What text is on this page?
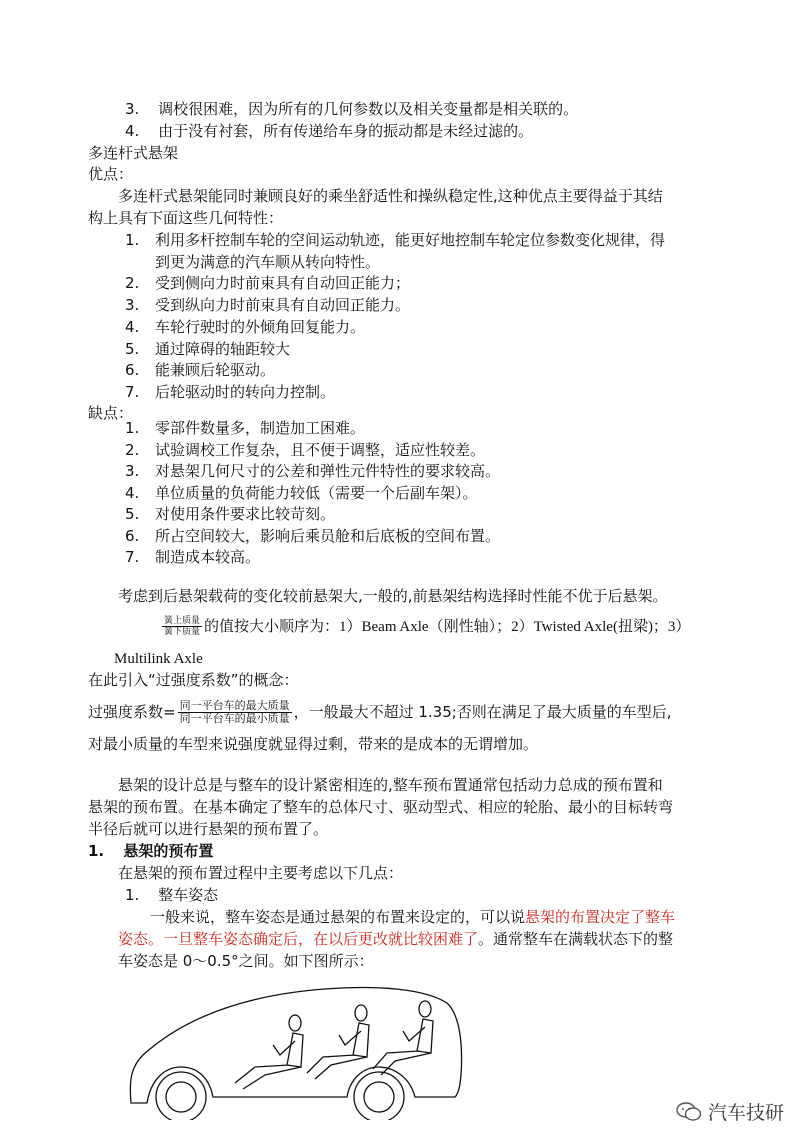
3. 调校很困难，因为所有的几何参数以及相关变量都是相关联的。
4. 由于没有衬套，所有传递给车身的振动都是未经过滤的。
多连杆式悬架
优点：
多连杆式悬架能同时兼顾良好的乘坐舒适性和操纵稳定性,这种优点主要得益于其结
构上具有下面这些几何特性：
1. 利用多杆控制车轮的空间运动轨迹，能更好地控制车轮定位参数变化规律，得
到更为满意的汽车顺从转向特性。
2. 受到侧向力时前束具有自动回正能力；
3. 受到纵向力时前束具有自动回正能力。
4. 车轮行驶时的外倾角回复能力。
5. 通过障碍的轴距较大
6. 能兼顾后轮驱动。
7. 后轮驱动时的转向力控制。
缺点：
1. 零部件数量多，制造加工困难。
2. 试验调校工作复杂，且不便于调整，适应性较差。
3. 对悬架几何尺寸的公差和弹性元件特性的要求较高。
4. 单位质量的负荷能力较低（需要一个后副车架）。
5. 对使用条件要求比较苛刻。
6. 所占空间较大，影响后乘员舱和后底板的空间布置。
7. 制造成本较高。
考虑到后悬架载荷的变化较前悬架大,一般的,前悬架结构选择时性能不优于后悬架。
$\frac{\text{簧上质量}}{\text{簧下质量}}$ 的值按大小顺序为：1）Beam Axle（刚性轴）；2）Twisted Axle(扭梁)；3）
Multilink Axle
在此引入“过强度系数”的概念：
过强度系数= $\frac{\text{同一平台车的最大质量}}{\text{同一平台车的最小质量}}$ ，一般最大不超过 1.35;否则在满足了最大质量的车型后,
对最小质量的车型来说强度就显得过剩，带来的是成本的无谓增加。
悬架的设计总是与整车的设计紧密相连的,整车预布置通常包括动力总成的预布置和
悬架的预布置。在基本确定了整车的总体尺寸、驱动型式、相应的轮胎、最小的目标转弯
半径后就可以进行悬架的预布置了。
1. 悬架的预布置
在悬架的预布置过程中主要考虑以下几点：
1. 整车姿态
一般来说，整车姿态是通过悬架的布置来设定的，可以说悬架的布置决定了整车
姿态。一旦整车姿态确定后，在以后更改就比较困难了。通常整车在满载状态下的整
车姿态是 0～0.5°之间。如下图所示：
汽车技研
